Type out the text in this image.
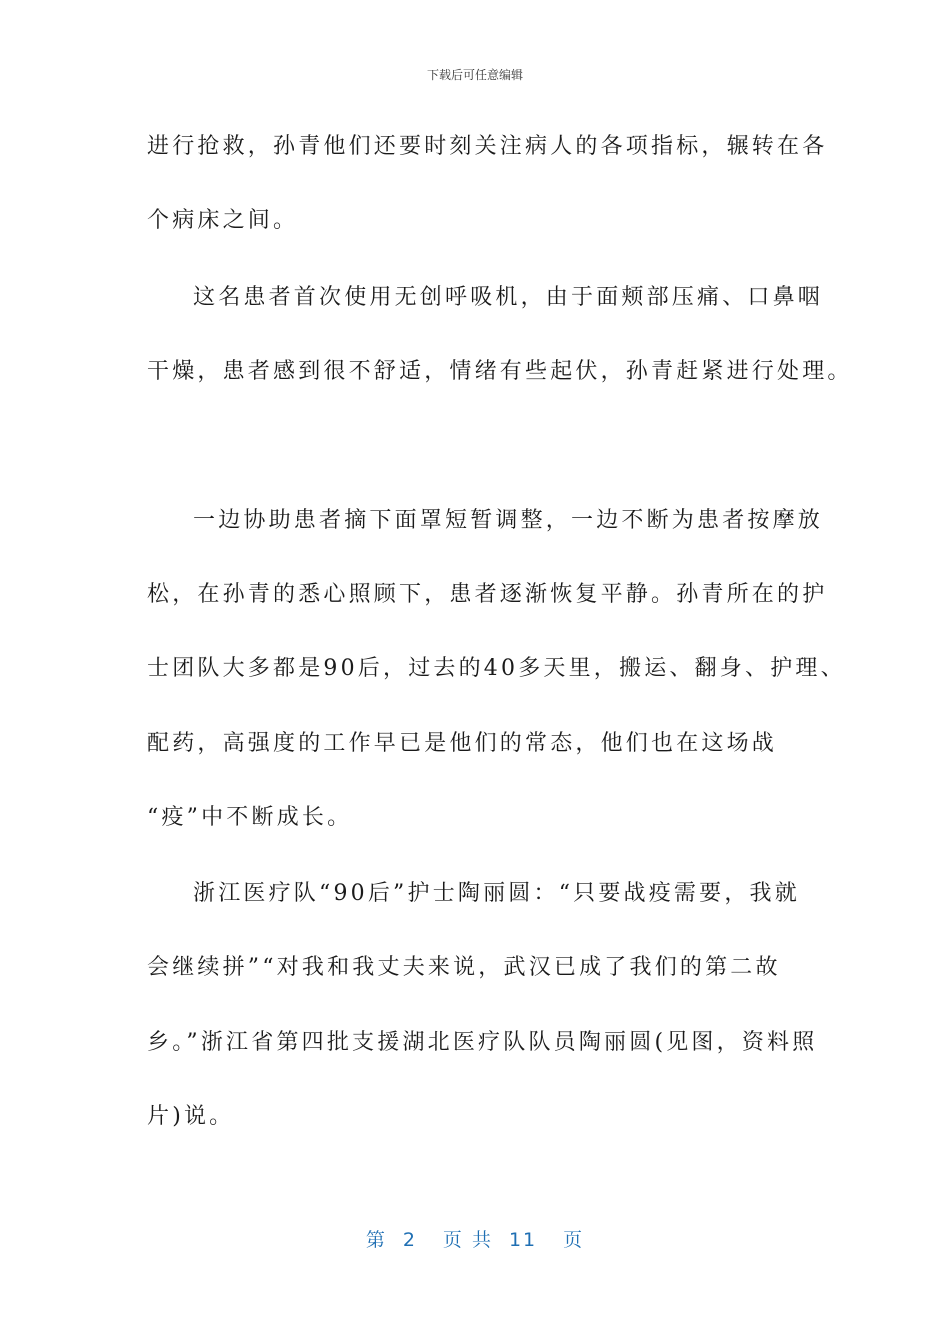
下载后可任意编辑
进行抢救，孙青他们还要时刻关注病人的各项指标，辗转在各
个病床之间。
这名患者首次使用无创呼吸机，由于面颊部压痛、口鼻咽
干燥，患者感到很不舒适，情绪有些起伏，孙青赶紧进行处理。
一边协助患者摘下面罩短暂调整，一边不断为患者按摩放
松，在孙青的悉心照顾下，患者逐渐恢复平静。孙青所在的护
士团队大多都是90后，过去的40多天里，搬运、翻身、护理、
配药，高强度的工作早已是他们的常态，他们也在这场战
“疫”中不断成长。
浙江医疗队“90后”护士陶丽圆：“只要战疫需要，我就
会继续拼”“对我和我丈夫来说，武汉已成了我们的第二故
乡。”浙江省第四批支援湖北医疗队队员陶丽圆(见图，资料照
片)说。
第 2 页 共 11 页
